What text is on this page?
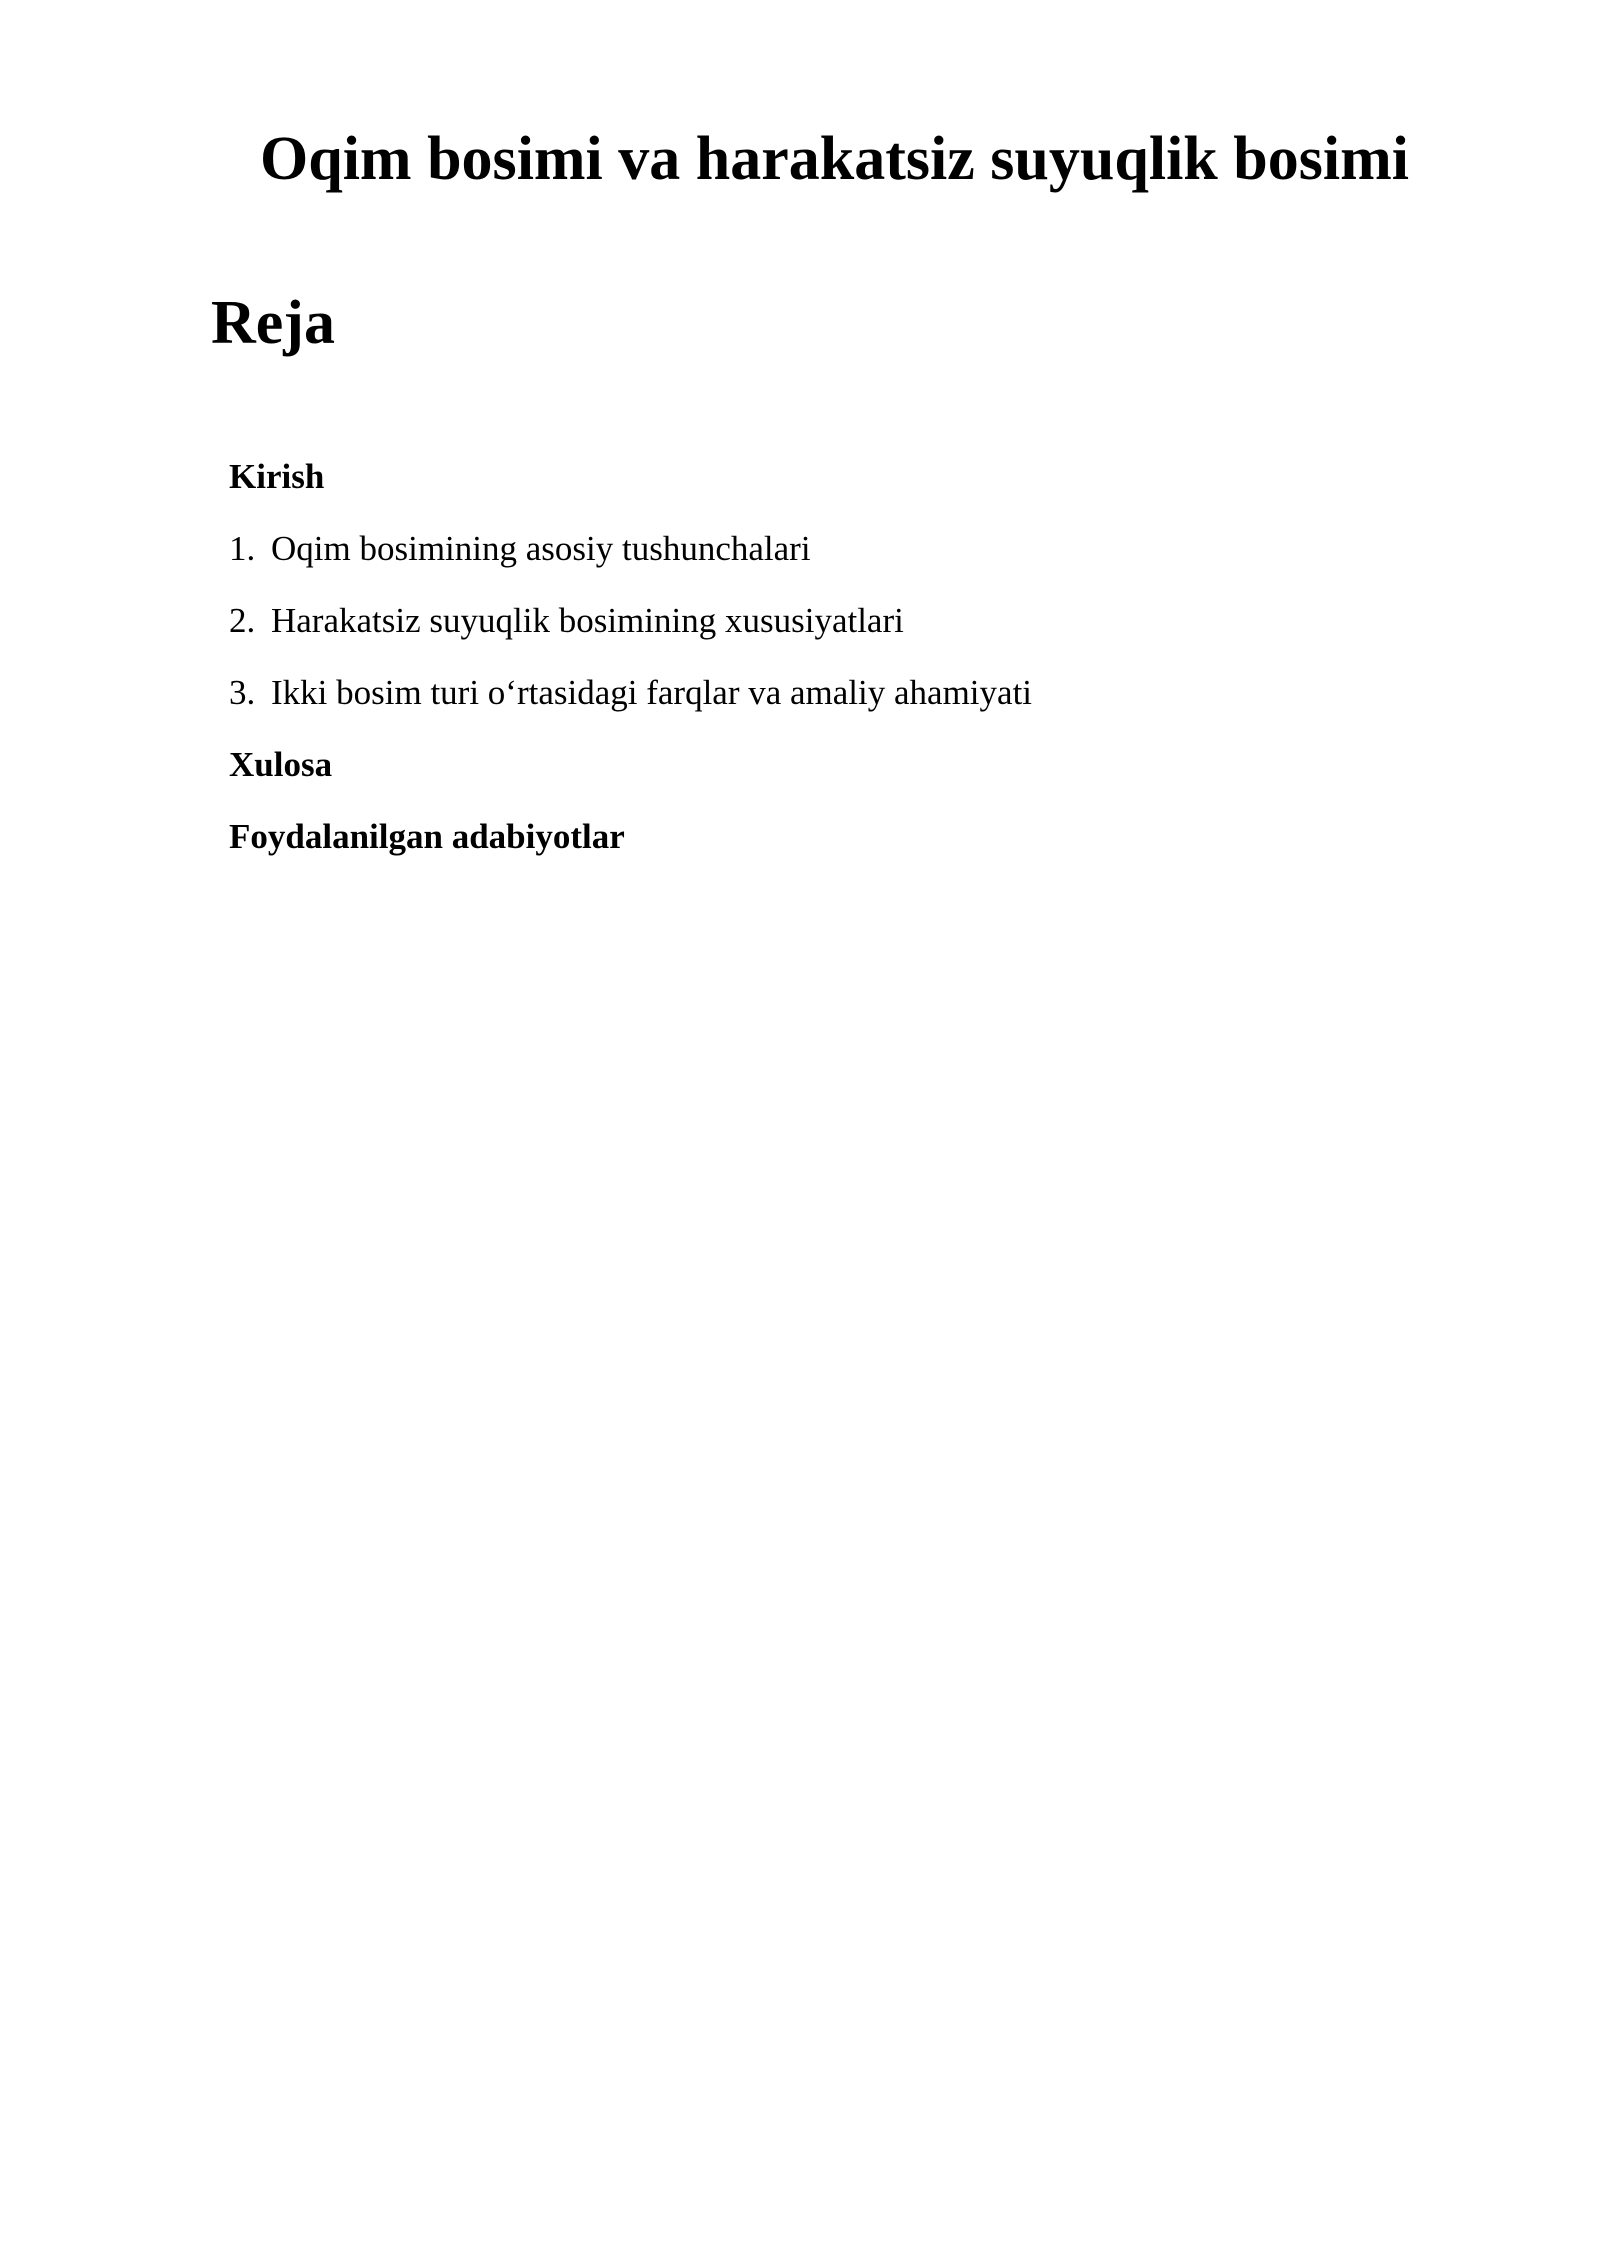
Oqim bosimi va harakatsiz suyuqlik bosimi
Reja
Kirish
1. Oqim bosimining asosiy tushunchalari
2. Harakatsiz suyuqlik bosimining xususiyatlari
3. Ikki bosim turi o‘rtasidagi farqlar va amaliy ahamiyati
Xulosa
Foydalanilgan adabiyotlar
